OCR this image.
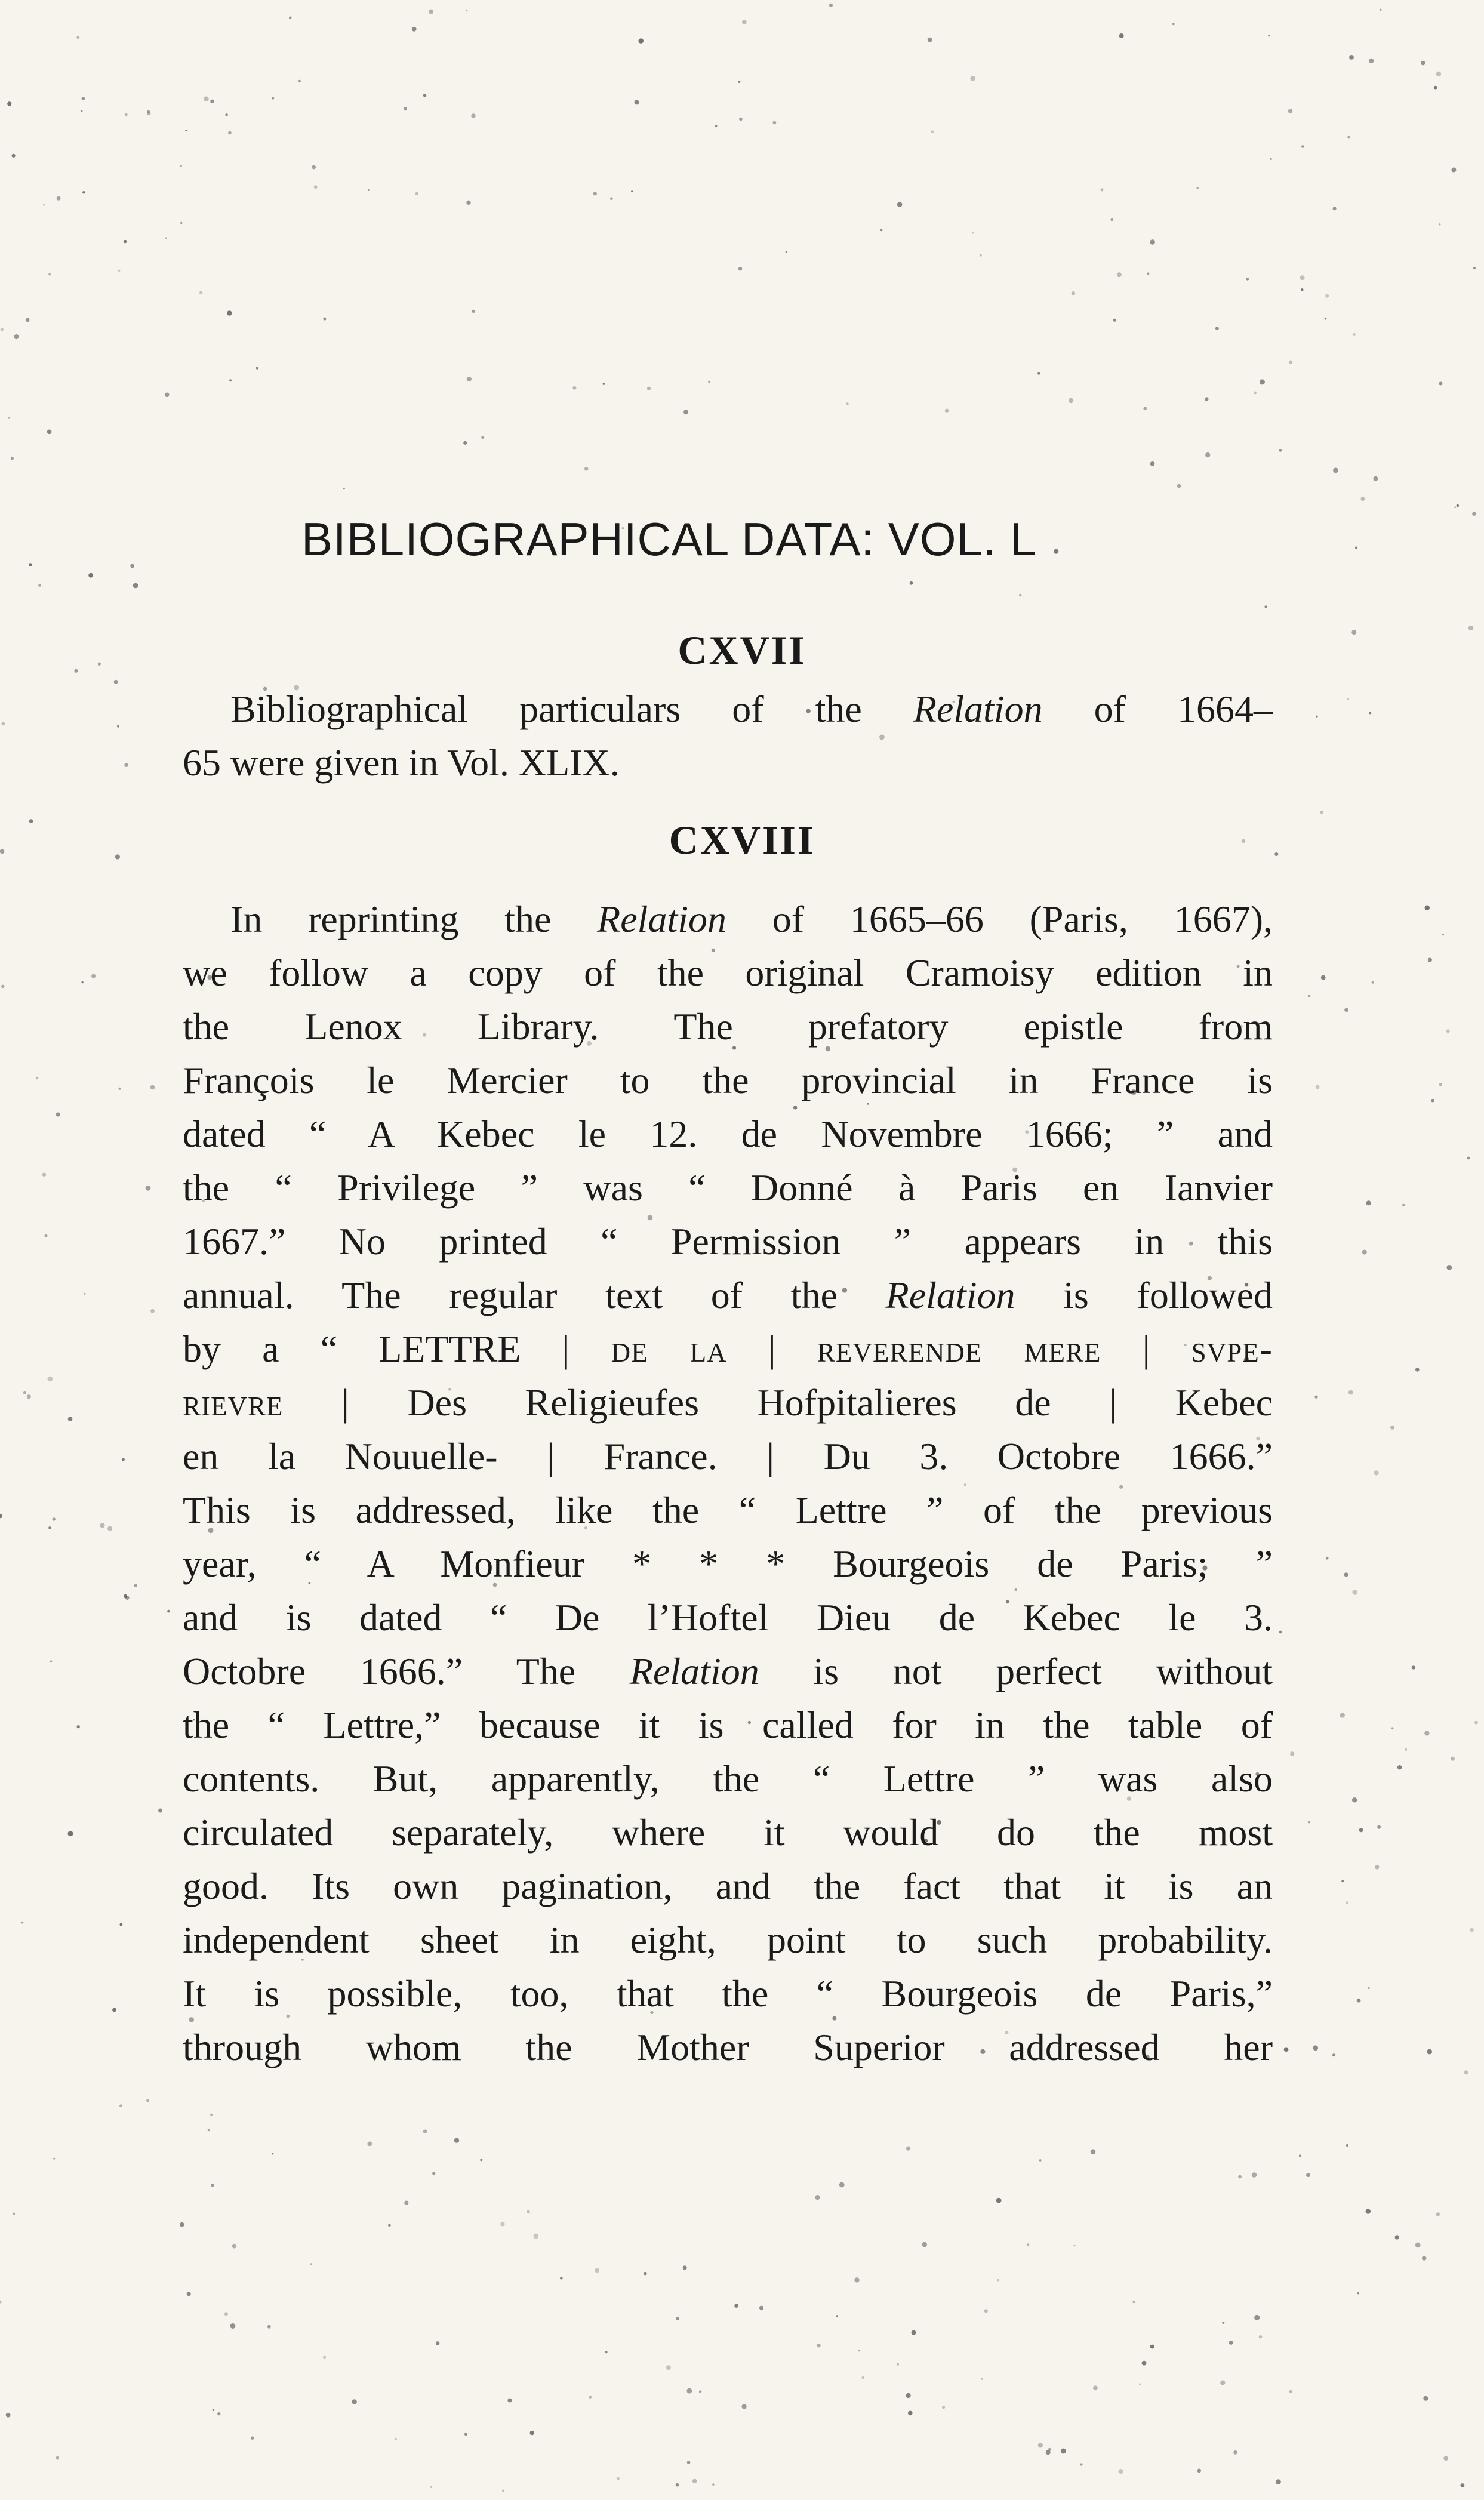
BIBLIOGRAPHICAL DATA: VOL. L
CXVII
Bibliographical particulars of the Relation of 1664–
65 were given in Vol. XLIX.
CXVIII
In reprinting the Relation of 1665–66 (Paris, 1667),
we follow a copy of the original Cramoisy edition in
the Lenox Library. The prefatory epistle from
François le Mercier to the provincial in France is
dated “ A Kebec le 12. de Novembre 1666; ” and
the “ Privilege ” was “ Donné à Paris en Ianvier
1667.” No printed “ Permission ” appears in this
annual. The regular text of the Relation is followed
by a “ LETTRE | de la | reverende mere | svpe-
rievre | Des Religieufes Hofpitalieres de | Kebec
en la Nouuelle- | France. | Du 3. Octobre 1666.”
This is addressed, like the “ Lettre ” of the previous
year, “ A Monfieur * * * Bourgeois de Paris; ”
and is dated “ De l’Hoftel Dieu de Kebec le 3.
Octobre 1666.” The Relation is not perfect without
the “ Lettre,” because it is called for in the table of
contents. But, apparently, the “ Lettre ” was also
circulated separately, where it would do the most
good. Its own pagination, and the fact that it is an
independent sheet in eight, point to such probability.
It is possible, too, that the “ Bourgeois de Paris,”
through whom the Mother Superior addressed her
